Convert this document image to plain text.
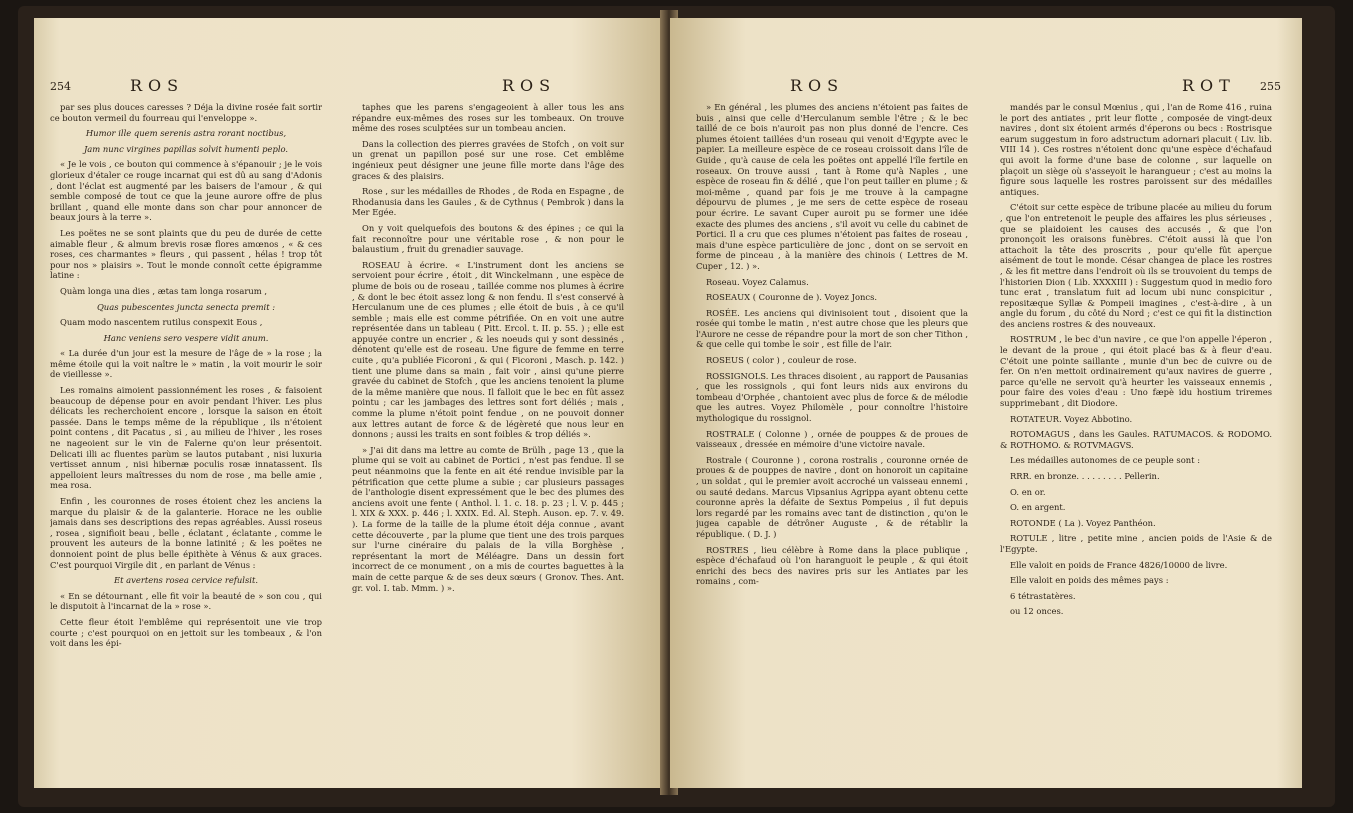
254	ROS	ROS

par ses plus douces caresses ? Déja la divine rosée fait sortir ce bouton vermeil du fourreau qui l'enveloppe ».

Humor ille quem serenis astra rorant noctibus,

Jam nunc virgines papillas solvit humenti peplo.

« Je le vois , ce bouton qui commence à s'épanouir ; je le vois glorieux d'étaler ce rouge incarnat qui est dû au sang d'Adonis , dont l'éclat est augmenté par les baisers de l'amour , & qui semble composé de tout ce que la jeune aurore offre de plus brillant , quand elle monte dans son char pour annoncer de beaux jours à la terre ».

Les poëtes ne se sont plaints que du peu de durée de cette aimable fleur , & almum brevis rosæ flores amœnos , « & ces roses, ces charmantes » fleurs , qui passent , hélas ! trop tôt pour nos » plaisirs ». Tout le monde connoît cette épigramme latine :

Quàm longa una dies , ætas tam longa rosarum ,

Quas pubescentes juncta senecta premit :

Quam modo nascentem rutilus conspexit Eous ,

Hanc veniens sero vespere vidit anum.

« La durée d'un jour est la mesure de l'âge de » la rose ; la même étoile qui la voit naître le » matin , la voit mourir le soir de vieillesse ».

Les romains aimoient passionnément les roses , & faisoient beaucoup de dépense pour en avoir pendant l'hiver. Les plus délicats les recherchoient encore , lorsque la saison en étoit passée. Dans le temps même de la république , ils n'étoient point contens , dit Pacatus , si , au milieu de l'hiver , les roses ne nageoient sur le vin de Falerne qu'on leur présentoit. Delicati illi ac fluentes parùm se lautos putabant , nisi luxuria vertisset annum , nisi hibernæ poculis rosæ innatassent. Ils appelloient leurs maîtresses du nom de rose , ma belle amie , mea rosa.

Enfin , les couronnes de roses étoient chez les anciens la marque du plaisir & de la galanterie. Horace ne les oublie jamais dans ses descriptions des repas agréables. Aussi roseus , rosea , signifioit beau , belle , éclatant , éclatante , comme le prouvent les auteurs de la bonne latinité ; & les poëtes ne donnoient point de plus belle épithète à Vénus & aux graces. C'est pourquoi Virgile dit , en parlant de Vénus :

Et avertens rosea cervice refulsit.

« En se détournant , elle fit voir la beauté de » son cou , qui le disputoit à l'incarnat de la » rose ».

Cette fleur étoit l'emblême qui représentoit une vie trop courte ; c'est pourquoi on en jettoit sur les tombeaux , & l'on voit dans les épi-

taphes que les parens s'engageoient à aller tous les ans répandre eux-mêmes des roses sur les tombeaux. On trouve même des roses sculptées sur un tombeau ancien.

Dans la collection des pierres gravées de Stofch , on voit sur un grenat un papillon posé sur une rose. Cet emblême ingénieux peut désigner une jeune fille morte dans l'âge des graces & des plaisirs.

Rose , sur les médailles de Rhodes , de Roda en Espagne , de Rhodanusia dans les Gaules , & de Cythnus ( Pembrok ) dans la Mer Egée.

On y voit quelquefois des boutons & des épines ; ce qui la fait reconnoître pour une véritable rose , & non pour le balaustium , fruit du grenadier sauvage.

ROSEAU à écrire. « L'instrument dont les anciens se servoient pour écrire , étoit , dit Winckelmann , une espèce de plume de bois ou de roseau , taillée comme nos plumes à écrire , & dont le bec étoit assez long & non fendu. Il s'est conservé à Herculanum une de ces plumes ; elle étoit de buis , à ce qu'il semble ; mais elle est comme pétrifiée. On en voit une autre représentée dans un tableau ( Pitt. Ercol. t. II. p. 55. ) ; elle est appuyée contre un encrier , & les noeuds qui y sont dessinés , dénotent qu'elle est de roseau. Une figure de femme en terre cuite , qu'a publiée Ficoroni , & qui ( Ficoroni , Masch. p. 142. ) tient une plume dans sa main , fait voir , ainsi qu'une pierre gravée du cabinet de Stofch , que les anciens tenoient la plume de la même manière que nous. Il falloit que le bec en fût assez pointu ; car les jambages des lettres sont fort déliés ; mais , comme la plume n'étoit point fendue , on ne pouvoit donner aux lettres autant de force & de légèreté que nous leur en donnons ; aussi les traits en sont foibles & trop déliés ».

» J'ai dit dans ma lettre au comte de Brülh , page 13 , que la plume qui se voit au cabinet de Portici , n'est pas fendue. Il se peut néanmoins que la fente en ait été rendue invisible par la pétrification que cette plume a subie ; car plusieurs passages de l'anthologie disent expressément que le bec des plumes des anciens avoit une fente ( Anthol. l. 1. c. 18. p. 23 ; l. V. p. 445 ; l. XIX & XXX. p. 446 ; l. XXIX. Ed. Al. Steph. Auson. ep. 7. v. 49. ). La forme de la taille de la plume étoit déja connue , avant cette découverte , par la plume que tient une des trois parques sur l'urne cinéraire du palais de la villa Borghèse , représentant la mort de Méléagre. Dans un dessin fort incorrect de ce monument , on a mis de courtes baguettes à la main de cette parque & de ses deux sœurs ( Gronov. Thes. Ant. gr. vol. I. tab. Mmm. ) ».

ROS	ROT 255

» En général , les plumes des anciens n'étoient pas faites de buis , ainsi que celle d'Herculanum semble l'être ; & le bec taillé de ce bois n'auroit pas non plus donné de l'encre. Ces plumes étoient taillées d'un roseau qui venoit d'Egypte avec le papier. La meilleure espèce de ce roseau croissoit dans l'île de Guide , qu'à cause de cela les poëtes ont appellé l'île fertile en roseaux. On trouve aussi , tant à Rome qu'à Naples , une espèce de roseau fin & délié , que l'on peut tailler en plume ; & moi-même , quand par fois je me trouve à la campagne dépourvu de plumes , je me sers de cette espèce de roseau pour écrire. Le savant Cuper auroit pu se former une idée exacte des plumes des anciens , s'il avoit vu celle du cabinet de Portici. Il a cru que ces plumes n'étoient pas faites de roseau , mais d'une espèce particulière de jonc , dont on se servoit en forme de pinceau , à la manière des chinois ( Lettres de M. Cuper , 12. ) ».

Roseau. Voyez Calamus.

ROSEAUX ( Couronne de ). Voyez Joncs.

ROSÉE. Les anciens qui divinisoient tout , disoient que la rosée qui tombe le matin , n'est autre chose que les pleurs que l'Aurore ne cesse de répandre pour la mort de son cher Tithon , & que celle qui tombe le soir , est fille de l'air.

ROSEUS ( color ) , couleur de rose.

ROSSIGNOLS. Les thraces disoient , au rapport de Pausanias , que les rossignols , qui font leurs nids aux environs du tombeau d'Orphée , chantoient avec plus de force & de mélodie que les autres. Voyez Philomèle , pour connoître l'histoire mythologique du rossignol.

ROSTRALE ( Colonne ) , ornée de pouppes & de proues de vaisseaux , dressée en mémoire d'une victoire navale.

Rostrale ( Couronne ) , corona rostralis , couronne ornée de proues & de pouppes de navire , dont on honoroit un capitaine , un soldat , qui le premier avoit accroché un vaisseau ennemi , ou sauté dedans. Marcus Vipsanius Agrippa ayant obtenu cette couronne après la défaite de Sextus Pompeius , il fut depuis lors regardé par les romains avec tant de distinction , qu'on le jugea capable de détrôner Auguste , & de rétablir la république. ( D. J. )

ROSTRES , lieu célèbre à Rome dans la place publique , espèce d'échafaud où l'on haranguoit le peuple , & qui étoit enrichi des becs des navires pris sur les Antiates par les romains , com-

mandés par le consul Mœnius , qui , l'an de Rome 416 , ruina le port des antiates , prit leur flotte , composée de vingt-deux navires , dont six étoient armés d'éperons ou becs : Rostrisque earum suggestum in foro adstructum adornari placuit ( Liv. lib. VIII 14 ). Ces rostres n'étoient donc qu'une espèce d'échafaud qui avoit la forme d'une base de colonne , sur laquelle on plaçoit un siège où s'asseyoit le harangueur ; c'est au moins la figure sous laquelle les rostres paroissent sur des médailles antiques.

C'étoit sur cette espèce de tribune placée au milieu du forum , que l'on entretenoit le peuple des affaires les plus sérieuses , que se plaidoient les causes des accusés , & que l'on prononçoit les oraisons funèbres. C'étoit aussi là que l'on attachoit la tête des proscrits , pour qu'elle fût aperçue aisément de tout le monde. César changea de place les rostres , & les fit mettre dans l'endroit où ils se trouvoient du temps de l'historien Dion ( Lib. XXXXIII ) : Suggestum quod in medio foro tunc erat , translatum fuit ad locum ubi nunc conspicitur , repositæque Syllæ & Pompeii imagines , c'est-à-dire , à un angle du forum , du côté du Nord ; c'est ce qui fit la distinction des anciens rostres & des nouveaux.

ROSTRUM , le bec d'un navire , ce que l'on appelle l'éperon , le devant de la proue , qui étoit placé bas & à fleur d'eau. C'étoit une pointe saillante , munie d'un bec de cuivre ou de fer. On n'en mettoit ordinairement qu'aux navires de guerre , parce qu'elle ne servoit qu'à heurter les vaisseaux ennemis , pour faire des voies d'eau : Uno fæpè idu hostium triremes supprimebant , dit Diodore.

ROTATEUR. Voyez Abbotino.

ROTOMAGUS , dans les Gaules. RATUMACOS. & RODOMO. & ROTHOMO. & ROTVMAGVS.

Les médailles autonomes de ce peuple sont :

RRR. en bronze. . . . . . . . . Pellerin.

O. en or.

O. en argent.

ROTONDE ( La ). Voyez Panthéon.

ROTULE , litre , petite mine , ancien poids de l'Asie & de l'Egypte.

Elle valoit en poids de France 4826/10000 de livre.

Elle valoit en poids des mêmes pays :

6 tétrastatères.

ou 12 onces.
